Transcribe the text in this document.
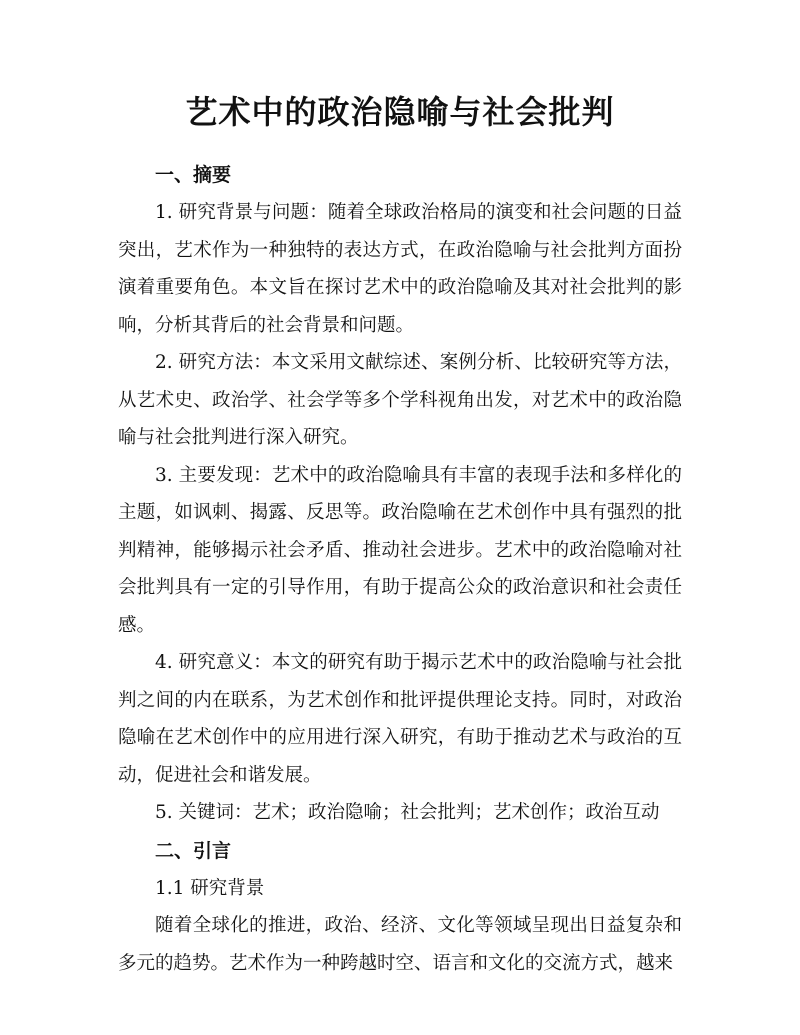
艺术中的政治隐喻与社会批判
一、摘要

1. 研究背景与问题：随着全球政治格局的演变和社会问题的日益突出，艺术作为一种独特的表达方式，在政治隐喻与社会批判方面扮演着重要角色。本文旨在探讨艺术中的政治隐喻及其对社会批判的影响，分析其背后的社会背景和问题。

2. 研究方法：本文采用文献综述、案例分析、比较研究等方法，从艺术史、政治学、社会学等多个学科视角出发，对艺术中的政治隐喻与社会批判进行深入研究。

3. 主要发现：艺术中的政治隐喻具有丰富的表现手法和多样化的主题，如讽刺、揭露、反思等。政治隐喻在艺术创作中具有强烈的批判精神，能够揭示社会矛盾、推动社会进步。艺术中的政治隐喻对社会批判具有一定的引导作用，有助于提高公众的政治意识和社会责任感。

4. 研究意义：本文的研究有助于揭示艺术中的政治隐喻与社会批判之间的内在联系，为艺术创作和批评提供理论支持。同时，对政治隐喻在艺术创作中的应用进行深入研究，有助于推动艺术与政治的互动，促进社会和谐发展。

5. 关键词：艺术；政治隐喻；社会批判；艺术创作；政治互动

二、引言

1.1 研究背景

随着全球化的推进，政治、经济、文化等领域呈现出日益复杂和多元的趋势。艺术作为一种跨越时空、语言和文化的交流方式，越来
